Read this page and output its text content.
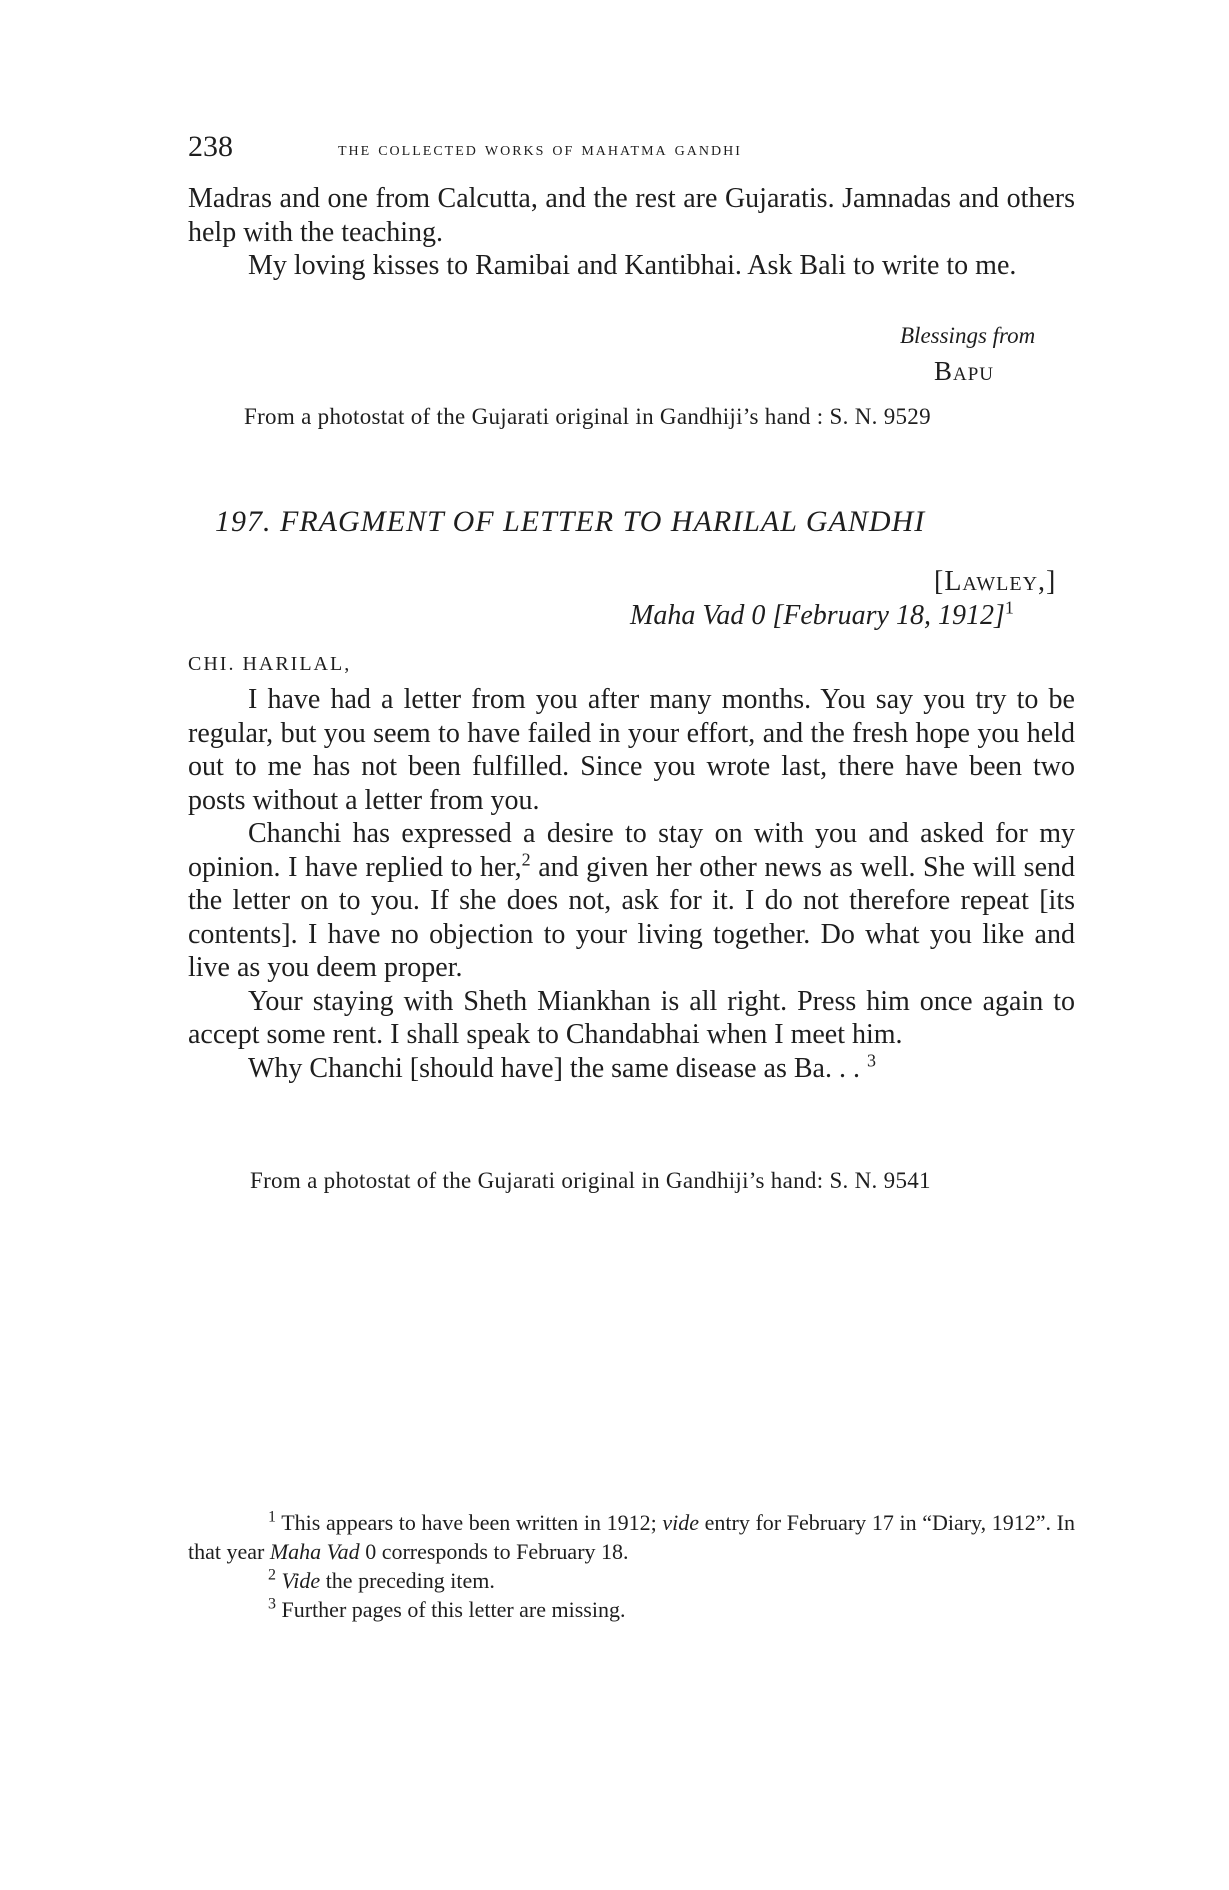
238	the collected works of mahatma gandhi

Madras and one from Calcutta, and the rest are Gujaratis. Jamnadas and others help with the teaching.

My loving kisses to Ramibai and Kantibhai. Ask Bali to write to me.

Blessings from
Bapu
From a photostat of the Gujarati original in Gandhiji’s hand : S. N. 9529
197. FRAGMENT OF LETTER TO HARILAL GANDHI
[Lawley,]
Maha Vad 0 [February 18, 1912]$^1$
CHI. HARILAL,

I have had a letter from you after many months. You say you try to be regular, but you seem to have failed in your effort, and the fresh hope you held out to me has not been fulfilled. Since you wrote last, there have been two posts without a letter from you.

Chanchi has expressed a desire to stay on with you and asked for my opinion. I have replied to her,$^2$ and given her other news as well. She will send the letter on to you. If she does not, ask for it. I do not therefore repeat [its contents]. I have no objection to your living together. Do what you like and live as you deem proper.

Your staying with Sheth Miankhan is all right. Press him once again to accept some rent. I shall speak to Chandabhai when I meet him.

Why Chanchi [should have] the same disease as Ba. . . $^3$

From a photostat of the Gujarati original in Gandhiji’s hand: S. N. 9541

$^1$ This appears to have been written in 1912; vide entry for February 17 in “Diary, 1912”. In that year Maha Vad 0 corresponds to February 18.

$^2$ Vide the preceding item.

$^3$ Further pages of this letter are missing.
